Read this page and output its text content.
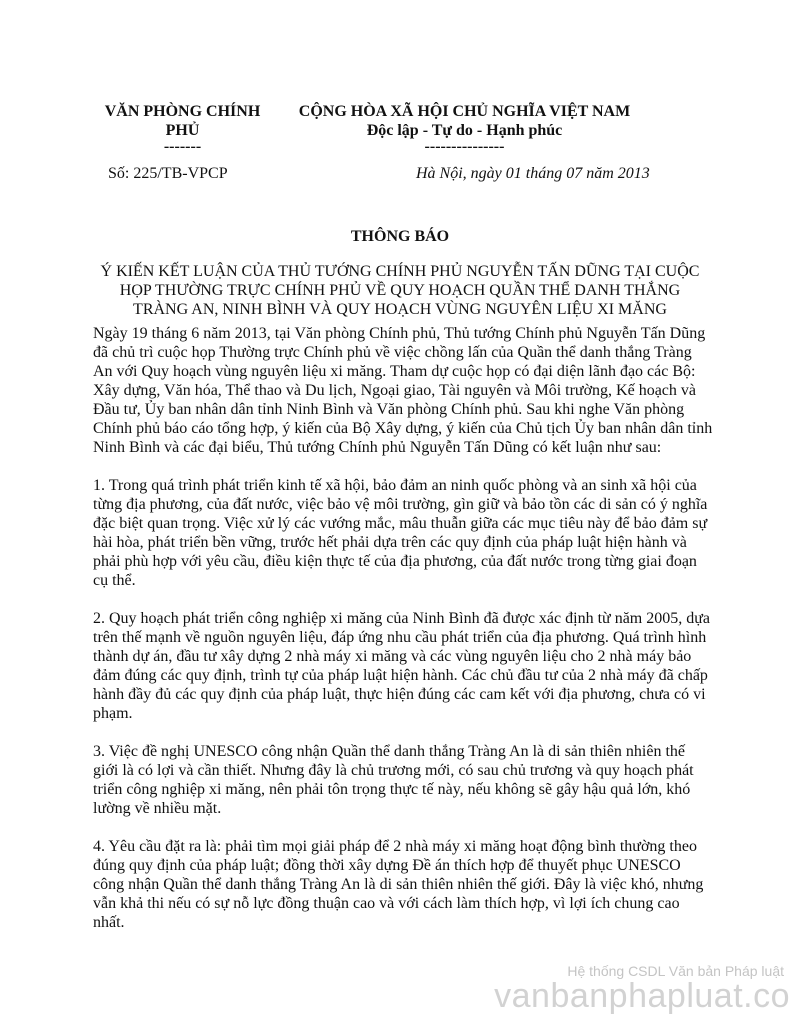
VĂN PHÒNG CHÍNH
PHỦ
-------
CỘNG HÒA XÃ HỘI CHỦ NGHĨA VIỆT NAM
Độc lập - Tự do - Hạnh phúc
---------------
Số: 225/TB-VPCP	Hà Nội, ngày 01 tháng 07 năm 2013
THÔNG BÁO
Ý KIẾN KẾT LUẬN CỦA THỦ TƯỚNG CHÍNH PHỦ NGUYỄN TẤN DŨNG TẠI CUỘC HỌP THƯỜNG TRỰC CHÍNH PHỦ VỀ QUY HOẠCH QUẦN THỂ DANH THẮNG TRÀNG AN, NINH BÌNH VÀ QUY HOẠCH VÙNG NGUYÊN LIỆU XI MĂNG

Ngày 19 tháng 6 năm 2013, tại Văn phòng Chính phủ, Thủ tướng Chính phủ Nguyễn Tấn Dũng đã chủ trì cuộc họp Thường trực Chính phủ về việc chồng lấn của Quần thể danh thắng Tràng An với Quy hoạch vùng nguyên liệu xi măng. Tham dự cuộc họp có đại diện lãnh đạo các Bộ: Xây dựng, Văn hóa, Thể thao và Du lịch, Ngoại giao, Tài nguyên và Môi trường, Kế hoạch và Đầu tư, Ủy ban nhân dân tỉnh Ninh Bình và Văn phòng Chính phủ. Sau khi nghe Văn phòng Chính phủ báo cáo tổng hợp, ý kiến của Bộ Xây dựng, ý kiến của Chủ tịch Ủy ban nhân dân tỉnh Ninh Bình và các đại biểu, Thủ tướng Chính phủ Nguyễn Tấn Dũng có kết luận như sau:

1. Trong quá trình phát triển kinh tế xã hội, bảo đảm an ninh quốc phòng và an sinh xã hội của từng địa phương, của đất nước, việc bảo vệ môi trường, gìn giữ và bảo tồn các di sản có ý nghĩa đặc biệt quan trọng. Việc xử lý các vướng mắc, mâu thuẫn giữa các mục tiêu này để bảo đảm sự hài hòa, phát triển bền vững, trước hết phải dựa trên các quy định của pháp luật hiện hành và phải phù hợp với yêu cầu, điều kiện thực tế của địa phương, của đất nước trong từng giai đoạn cụ thể.

2. Quy hoạch phát triển công nghiệp xi măng của Ninh Bình đã được xác định từ năm 2005, dựa trên thế mạnh về nguồn nguyên liệu, đáp ứng nhu cầu phát triển của địa phương. Quá trình hình thành dự án, đầu tư xây dựng 2 nhà máy xi măng và các vùng nguyên liệu cho 2 nhà máy bảo đảm đúng các quy định, trình tự của pháp luật hiện hành. Các chủ đầu tư của 2 nhà máy đã chấp hành đầy đủ các quy định của pháp luật, thực hiện đúng các cam kết với địa phương, chưa có vi phạm.

3. Việc đề nghị UNESCO công nhận Quần thể danh thắng Tràng An là di sản thiên nhiên thế giới là có lợi và cần thiết. Nhưng đây là chủ trương mới, có sau chủ trương và quy hoạch phát triển công nghiệp xi măng, nên phải tôn trọng thực tế này, nếu không sẽ gây hậu quả lớn, khó lường về nhiều mặt.

4. Yêu cầu đặt ra là: phải tìm mọi giải pháp để 2 nhà máy xi măng hoạt động bình thường theo đúng quy định của pháp luật; đồng thời xây dựng Đề án thích hợp để thuyết phục UNESCO công nhận Quần thể danh thắng Tràng An là di sản thiên nhiên thế giới. Đây là việc khó, nhưng vẫn khả thi nếu có sự nỗ lực đồng thuận cao và với cách làm thích hợp, vì lợi ích chung cao nhất.

Hệ thống CSDL Văn bản Pháp luật
vanbanphapluat.co
